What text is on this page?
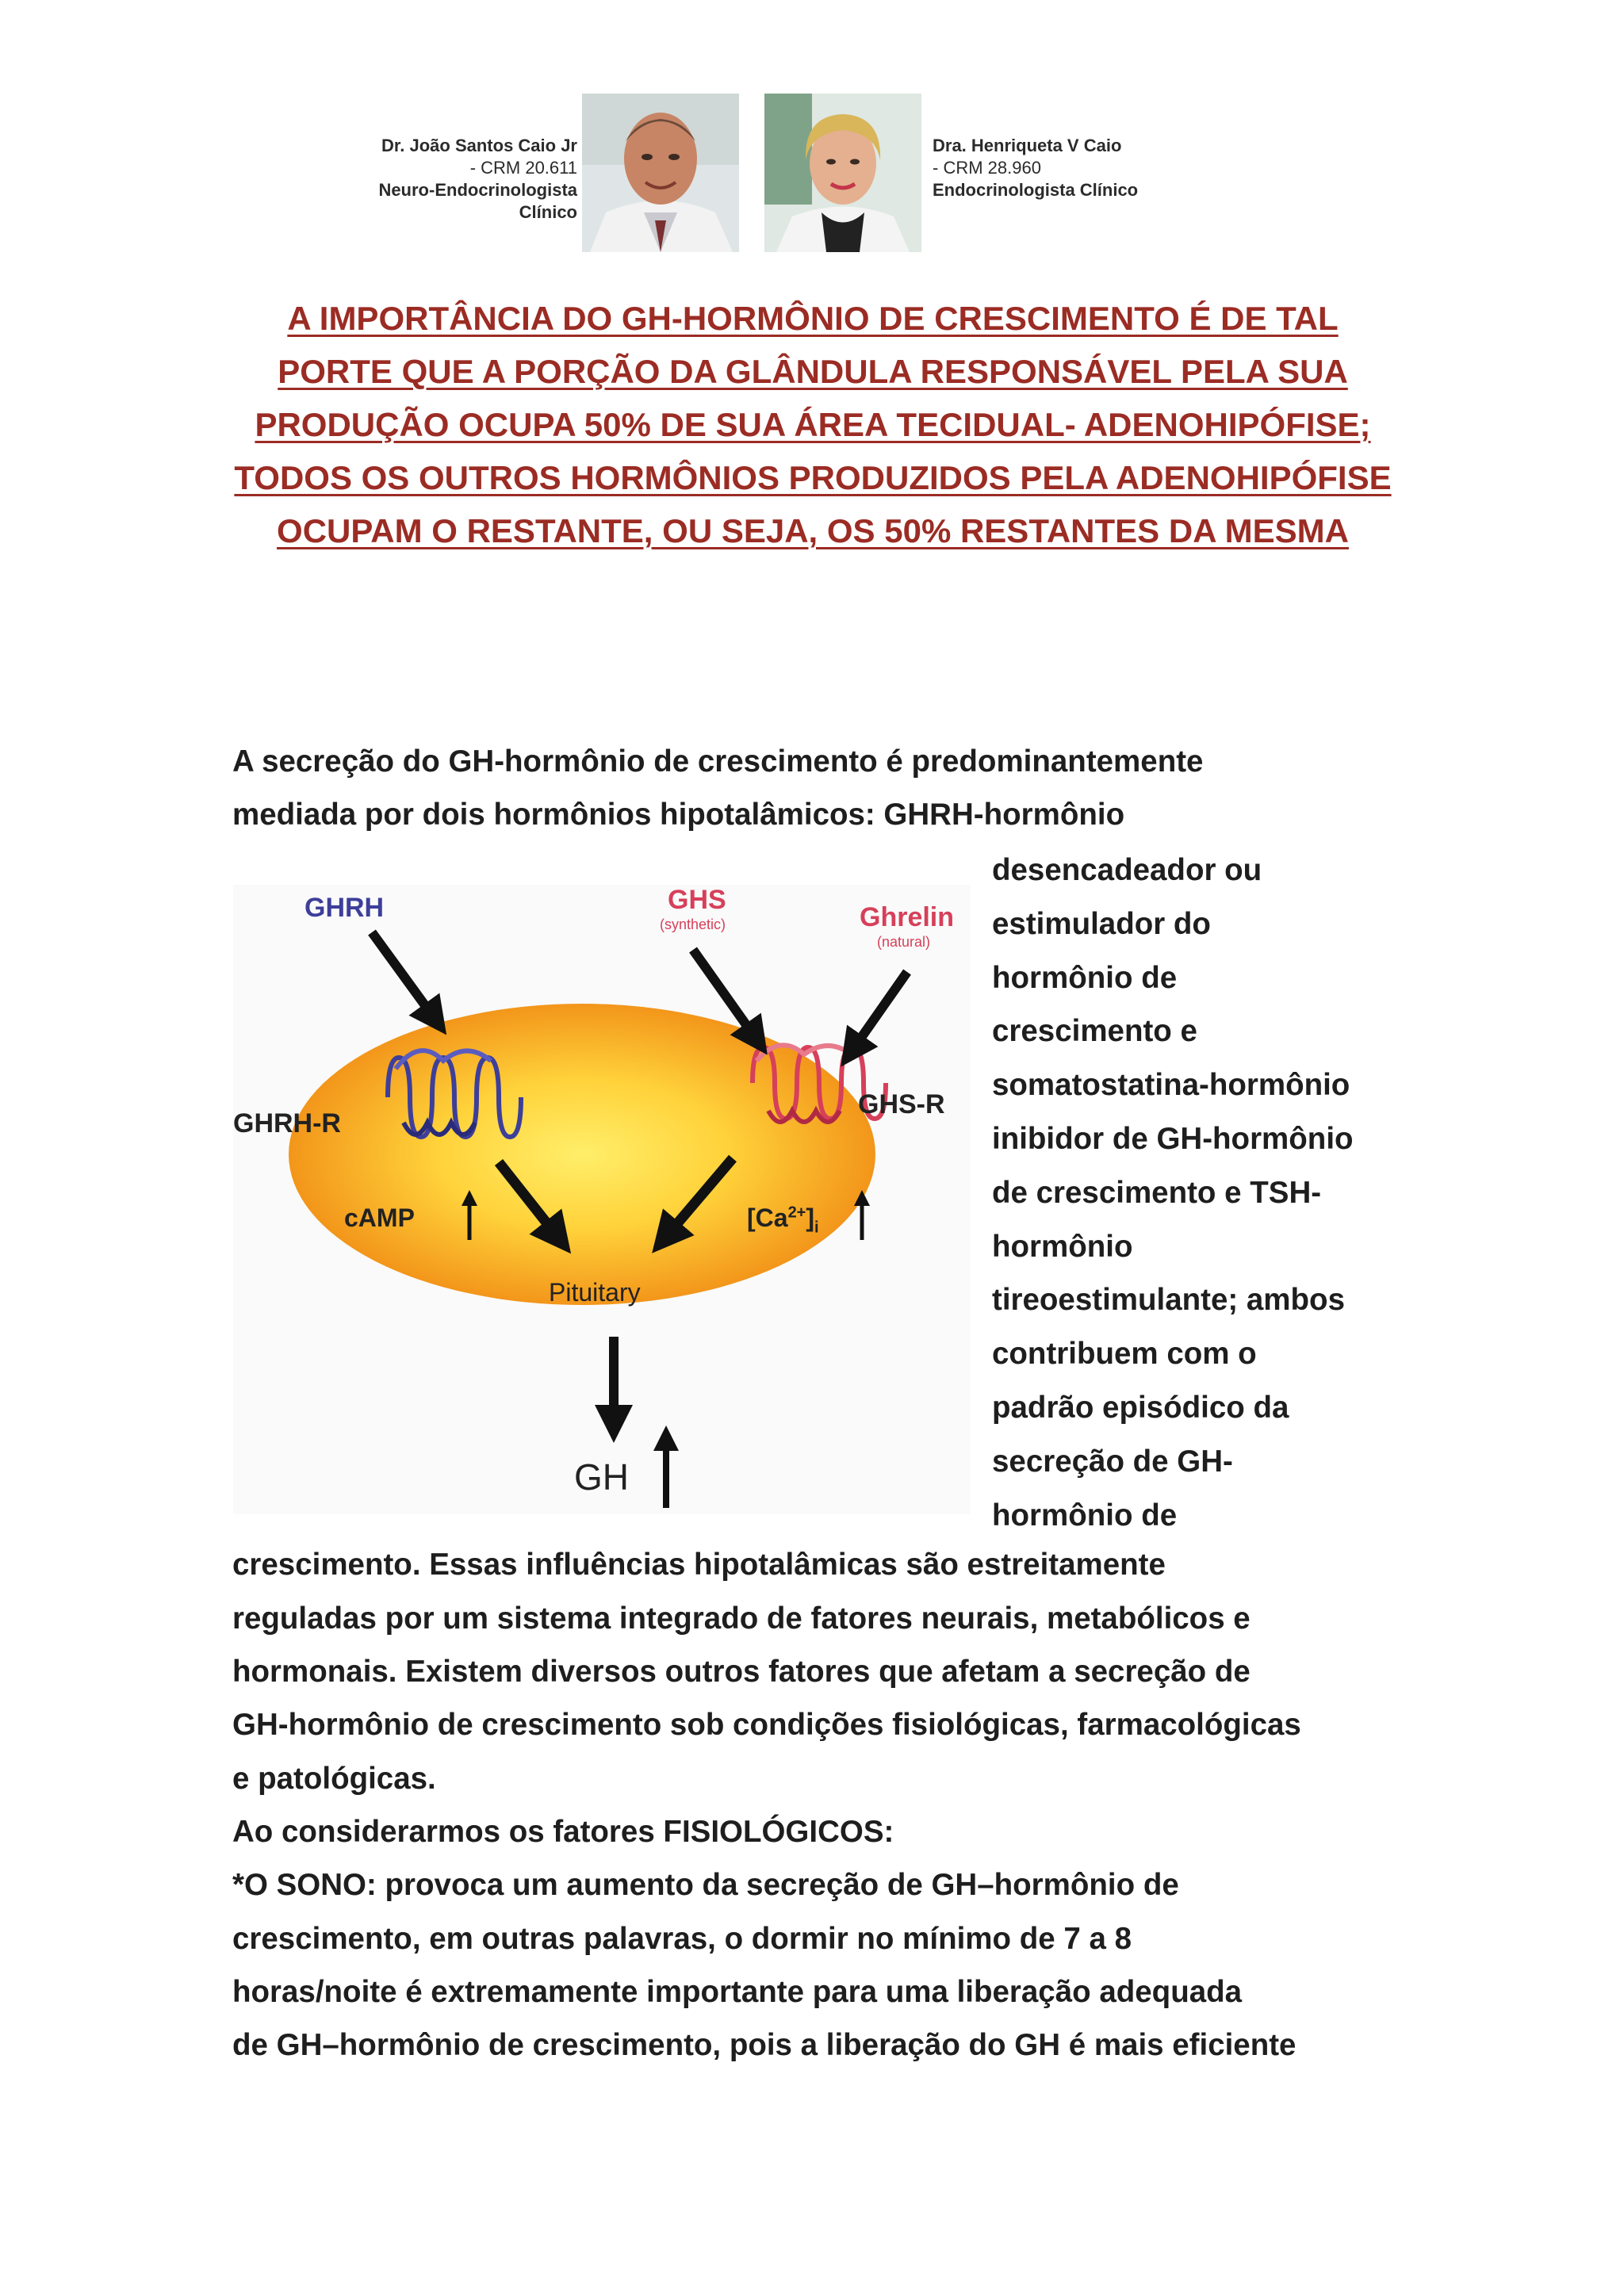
Dr. João Santos Caio Jr
- CRM 20.611
Neuro-Endocrinologista Clínico
Dra. Henriqueta V Caio
- CRM 28.960
Endocrinologista Clínico
A IMPORTÂNCIA DO GH-HORMÔNIO DE CRESCIMENTO É DE TAL PORTE QUE A PORÇÃO DA GLÂNDULA RESPONSÁVEL PELA SUA PRODUÇÃO OCUPA 50% DE SUA ÁREA TECIDUAL- ADENOHIPÓFISE; TODOS OS OUTROS HORMÔNIOS PRODUZIDOS PELA ADENOHIPÓFISE OCUPAM O RESTANTE, OU SEJA, OS 50% RESTANTES DA MESMA

A secreção do GH-hormônio de crescimento é predominantemente

mediada por dois hormônios hipotalâmicos: GHRH-hormônio

desencadeador ou
estimulador do
hormônio de
crescimento e
somatostatina-hormônio
inibidor de GH-hormônio
de crescimento e TSH-
hormônio
tireoestimulante; ambos
contribuem com o
padrão episódico da
secreção de GH-
hormônio de
GHRH	GHS
(synthetic)	Ghrelin
(natural)
GHRH-R
GHS-R
cAMP	$[Ca^{2+}]_i$
Pituitary
GH

crescimento. Essas influências hipotalâmicas são estreitamente

reguladas por um sistema integrado de fatores neurais, metabólicos e

hormonais. Existem diversos outros fatores que afetam a secreção de

GH-hormônio de crescimento sob condições fisiológicas, farmacológicas

e patológicas.

Ao considerarmos os fatores FISIOLÓGICOS:

*O SONO: provoca um aumento da secreção de GH–hormônio de

crescimento, em outras palavras, o dormir no mínimo de 7 a 8

horas/noite é extremamente importante para uma liberação adequada

de GH–hormônio de crescimento, pois a liberação do GH é mais eficiente
